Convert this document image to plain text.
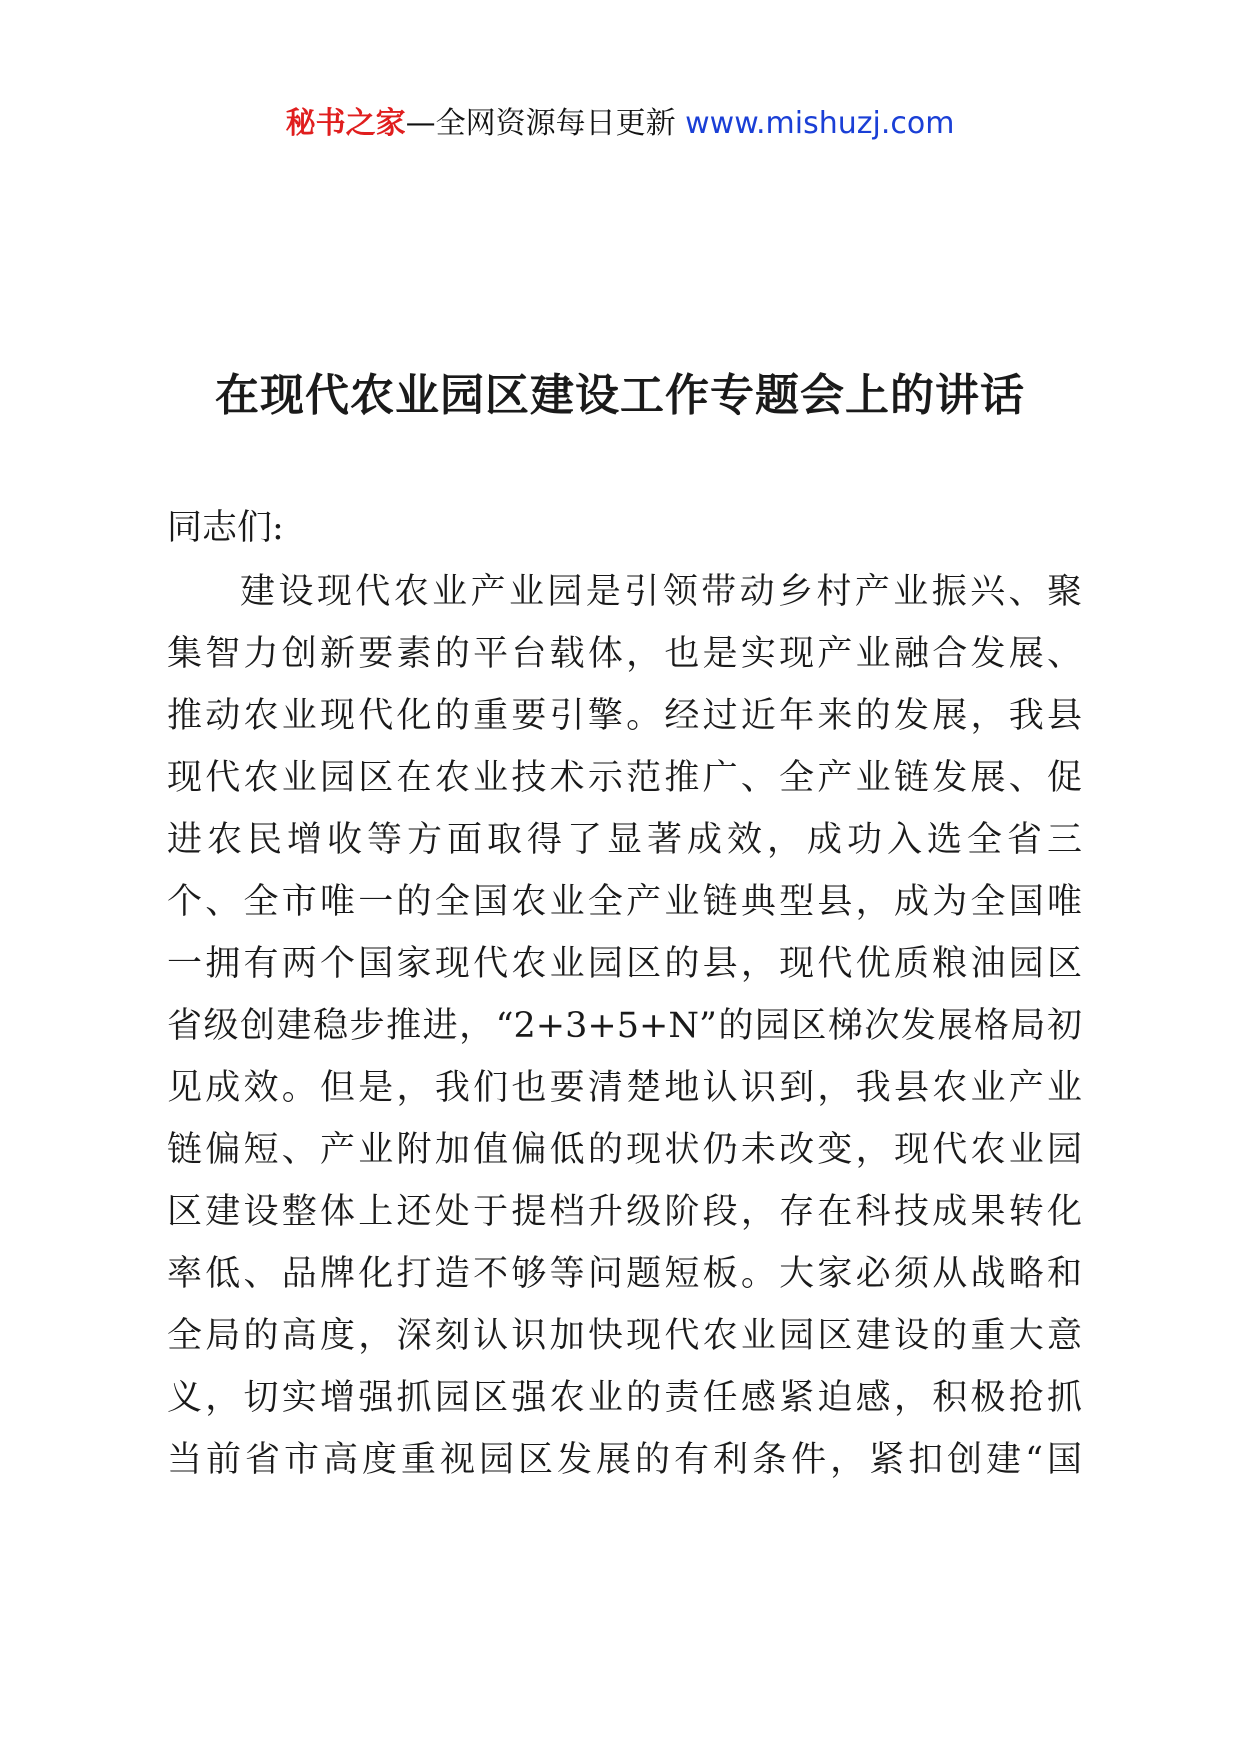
秘书之家—全网资源每日更新 www.mishuzj.com
在现代农业园区建设工作专题会上的讲话
同志们:
建设现代农业产业园是引领带动乡村产业振兴、聚
集智力创新要素的平台载体，也是实现产业融合发展、
推动农业现代化的重要引擎。经过近年来的发展，我县
现代农业园区在农业技术示范推广、全产业链发展、促
进农民增收等方面取得了显著成效，成功入选全省三
个、全市唯一的全国农业全产业链典型县，成为全国唯
一拥有两个国家现代农业园区的县，现代优质粮油园区
省级创建稳步推进，“2+3+5+N”的园区梯次发展格局初
见成效。但是，我们也要清楚地认识到，我县农业产业
链偏短、产业附加值偏低的现状仍未改变，现代农业园
区建设整体上还处于提档升级阶段，存在科技成果转化
率低、品牌化打造不够等问题短板。大家必须从战略和
全局的高度，深刻认识加快现代农业园区建设的重大意
义，切实增强抓园区强农业的责任感紧迫感，积极抢抓
当前省市高度重视园区发展的有利条件，紧扣创建“国
